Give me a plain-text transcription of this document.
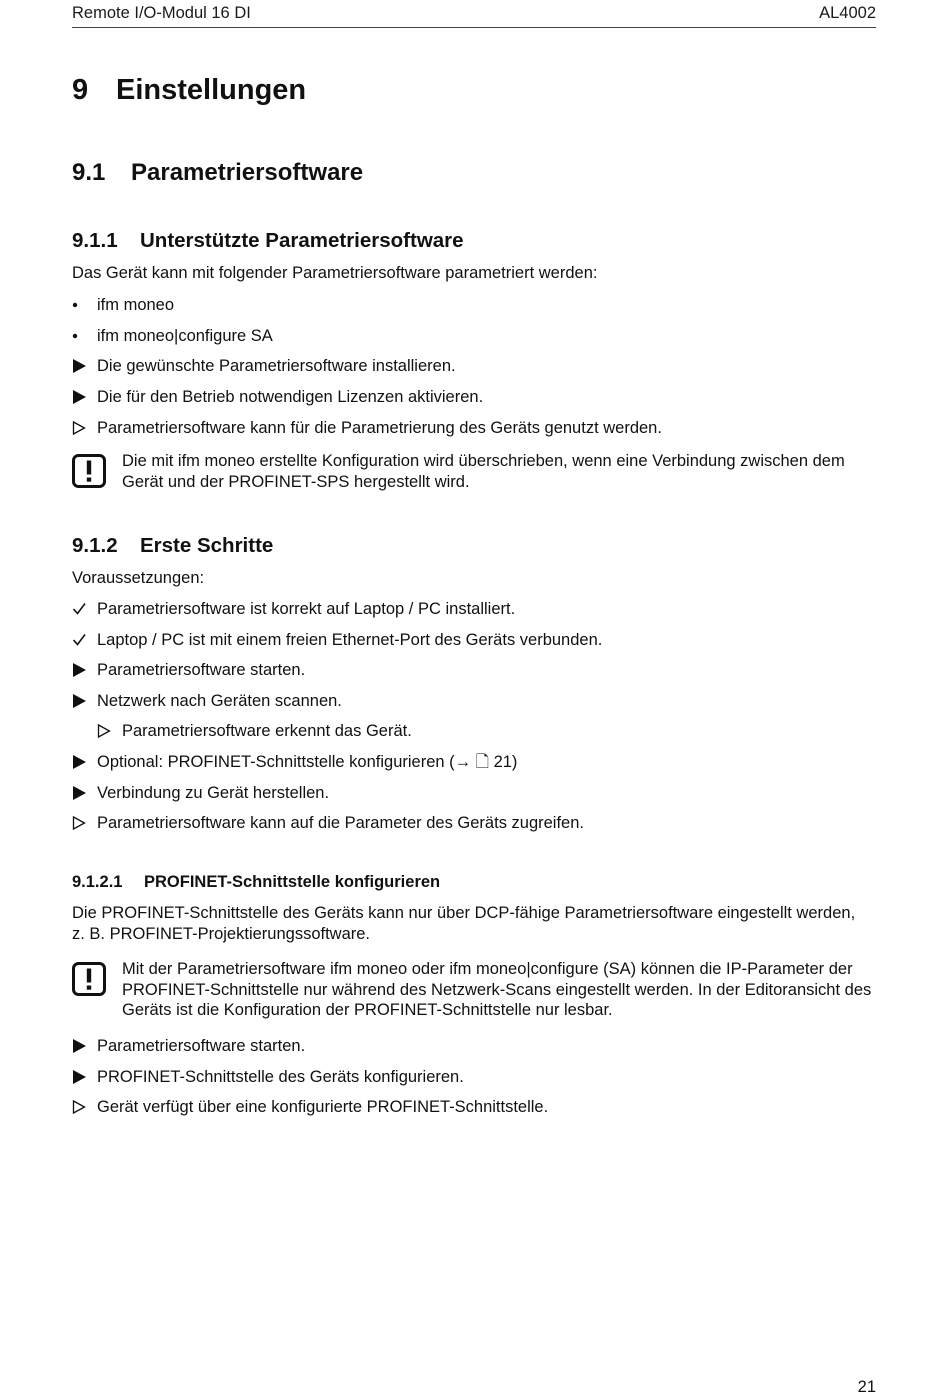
Remote I/O-Modul 16 DI	AL4002
9 Einstellungen
9.1 Parametriersoftware
9.1.1 Unterstützte Parametriersoftware
Das Gerät kann mit folgender Parametriersoftware parametriert werden:
ifm moneo
ifm moneo|configure SA
Die gewünschte Parametriersoftware installieren.
Die für den Betrieb notwendigen Lizenzen aktivieren.
Parametriersoftware kann für die Parametrierung des Geräts genutzt werden.
Die mit ifm moneo erstellte Konfiguration wird überschrieben, wenn eine Verbindung zwischen dem Gerät und der PROFINET-SPS hergestellt wird.
9.1.2 Erste Schritte
Voraussetzungen:
Parametriersoftware ist korrekt auf Laptop / PC installiert.
Laptop / PC ist mit einem freien Ethernet-Port des Geräts verbunden.
Parametriersoftware starten.
Netzwerk nach Geräten scannen.
Parametriersoftware erkennt das Gerät.
Optional: PROFINET-Schnittstelle konfigurieren (→ 🗋 21)
Verbindung zu Gerät herstellen.
Parametriersoftware kann auf die Parameter des Geräts zugreifen.
9.1.2.1 PROFINET-Schnittstelle konfigurieren
Die PROFINET-Schnittstelle des Geräts kann nur über DCP-fähige Parametriersoftware eingestellt werden, z. B. PROFINET-Projektierungssoftware.
Mit der Parametriersoftware ifm moneo oder ifm moneo|configure (SA) können die IP-Parameter der PROFINET-Schnittstelle nur während des Netzwerk-Scans eingestellt werden. In der Editoransicht des Geräts ist die Konfiguration der PROFINET-Schnittstelle nur lesbar.
Parametriersoftware starten.
PROFINET-Schnittstelle des Geräts konfigurieren.
Gerät verfügt über eine konfigurierte PROFINET-Schnittstelle.
21
